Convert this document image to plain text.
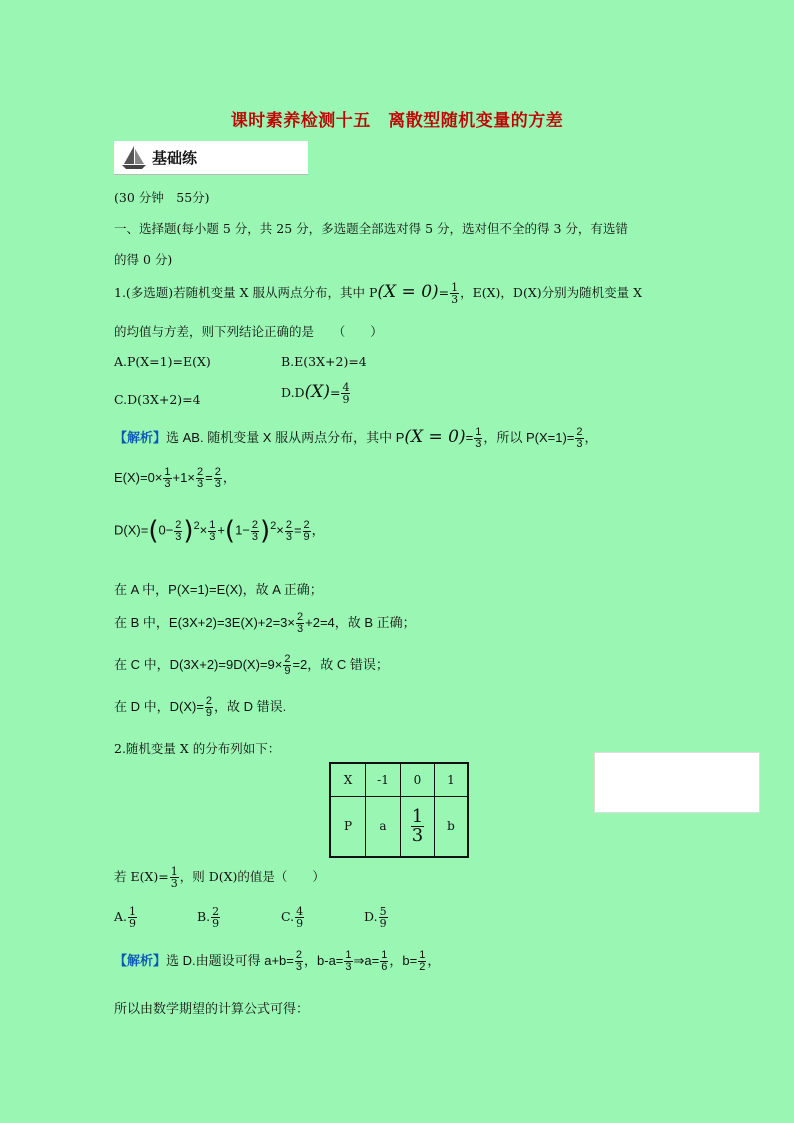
课时素养检测十五　离散型随机变量的方差
基础练
(30 分钟　55分)
一、选择题(每小题 5 分，共 25 分，多选题全部选对得 5 分，选对但不全的得 3 分，有选错
的得 0 分)
1.(多选题)若随机变量 X 服从两点分布，其中 $P(X = 0)= \frac{1}{3}$ ，E(X)，D(X)分别为随机变量 X
的均值与方差，则下列结论正确的是　　（　　）
A.P(X=1)=E(X)	B.E(3X+2)=4
C.D(3X+2)=4	$D.D(X)= \frac{4}{9}$
【解析】选 AB. 随机变量 X 服从两点分布，其中 $P(X = 0)= \frac{1}{3}$ ，所以 $P(X=1)= \frac{2}{3}$ ，
$E(X)=0\times \frac{1}{3} +1\times \frac{2}{3} = \frac{2}{3}$ ，
$D(X)=(0- \frac{2}{3} )^2\times \frac{1}{3} +(1- \frac{2}{3} )^2\times \frac{2}{3} = \frac{2}{9}$ ，
在 A 中，P(X=1)=E(X)，故 A 正确；
在 B 中，$E(3X+2)=3E(X)+2=3\times \frac{2}{3} +2=4$，故 B 正确；
在 C 中，$D(3X+2)=9D(X)=9\times \frac{2}{9} =2$，故 C 错误；
在 D 中，$D(X)= \frac{2}{9}$ ，故 D 错误.
2.随机变量 X 的分布列如下：
X	-1	0	1
P	a	$\frac{1}{3}$	b
若 $E(X)= \frac{1}{3}$ ，则 D(X)的值是（　　）
A. $\frac{1}{9}$	B. $\frac{2}{9}$	C. $\frac{4}{9}$	D. $\frac{5}{9}$
【解析】选 D.由题设可得 $a+b= \frac{2}{3}$ ，$b-a= \frac{1}{3}$ ⇒a= $\frac{1}{6}$ ，$b= \frac{1}{2}$ ，
所以由数学期望的计算公式可得：
